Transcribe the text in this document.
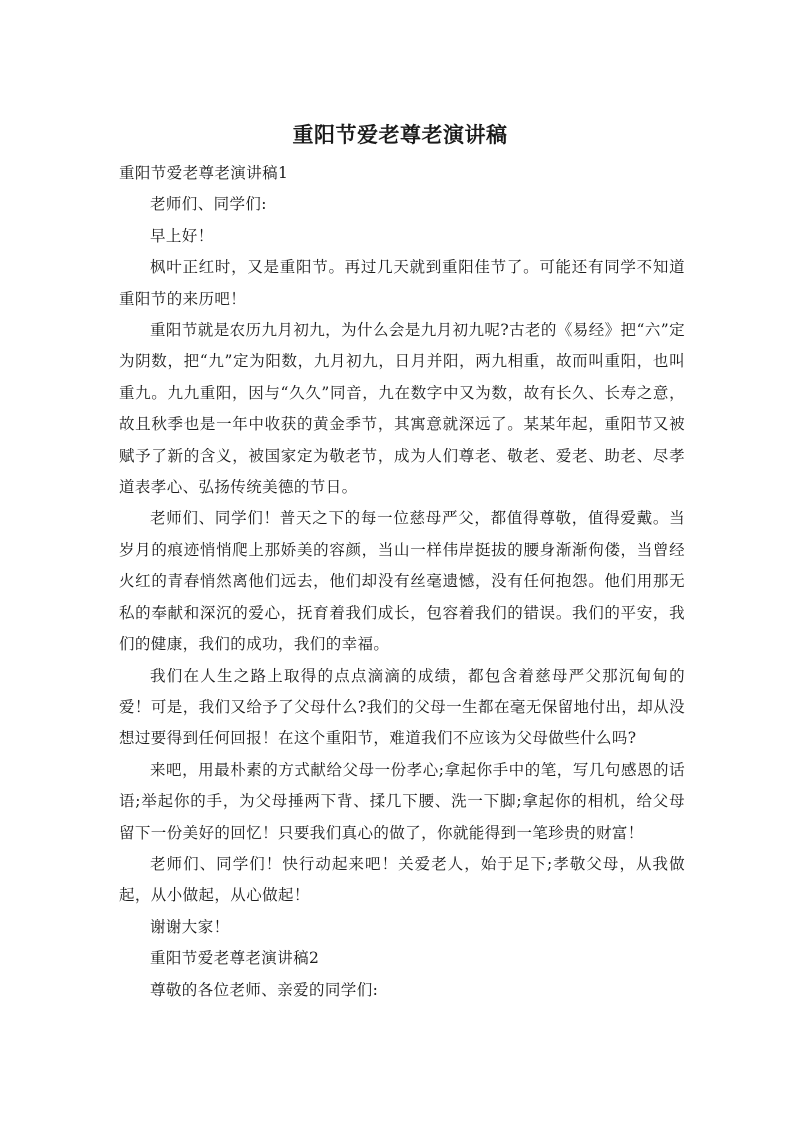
重阳节爱老尊老演讲稿

重阳节爱老尊老演讲稿1

老师们、同学们:

早上好！

枫叶正红时，又是重阳节。再过几天就到重阳佳节了。可能还有同学不知道重阳节的来历吧！

重阳节就是农历九月初九，为什么会是九月初九呢?古老的《易经》把“六”定为阴数，把“九”定为阳数，九月初九，日月并阳，两九相重，故而叫重阳，也叫重九。九九重阳，因与“久久”同音，九在数字中又为数，故有长久、长寿之意，故且秋季也是一年中收获的黄金季节，其寓意就深远了。某某年起，重阳节又被赋予了新的含义，被国家定为敬老节，成为人们尊老、敬老、爱老、助老、尽孝道表孝心、弘扬传统美德的节日。

老师们、同学们！普天之下的每一位慈母严父，都值得尊敬，值得爱戴。当岁月的痕迹悄悄爬上那娇美的容颜，当山一样伟岸挺拔的腰身渐渐佝偻，当曾经火红的青春悄然离他们远去，他们却没有丝毫遗憾，没有任何抱怨。他们用那无私的奉献和深沉的爱心，抚育着我们成长，包容着我们的错误。我们的平安，我们的健康，我们的成功，我们的幸福。

我们在人生之路上取得的点点滴滴的成绩，都包含着慈母严父那沉甸甸的爱！可是，我们又给予了父母什么?我们的父母一生都在毫无保留地付出，却从没想过要得到任何回报！在这个重阳节，难道我们不应该为父母做些什么吗?

来吧，用最朴素的方式献给父母一份孝心;拿起你手中的笔，写几句感恩的话语;举起你的手，为父母捶两下背、揉几下腰、洗一下脚;拿起你的相机，给父母留下一份美好的回忆！只要我们真心的做了，你就能得到一笔珍贵的财富！

老师们、同学们！快行动起来吧！关爱老人，始于足下;孝敬父母，从我做起，从小做起，从心做起！

谢谢大家！

重阳节爱老尊老演讲稿2

尊敬的各位老师、亲爱的同学们:
